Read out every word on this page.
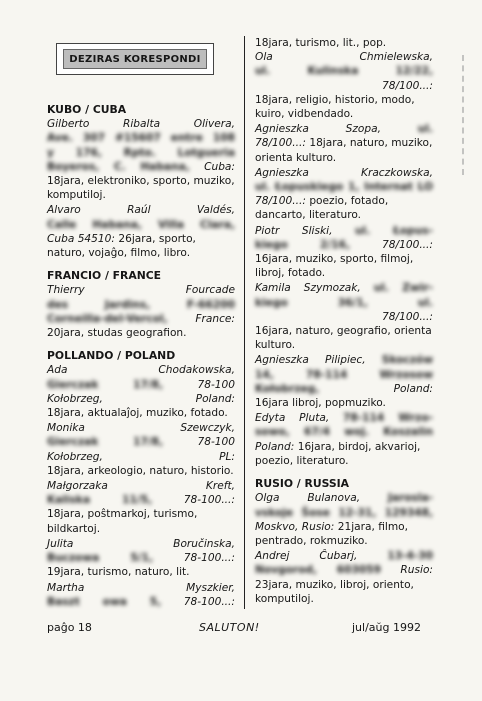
DEZIRAS KORESPONDI
KUBO / CUBA
Gilberto Ribalta Olivera,
Ave. 307 #15607 entre 108
y 176, Rpto. Lotgueria
Boyeros, C. Habana, Cuba:
18jara, elektroniko, sporto, muziko, komputiloj.
Alvaro Raúl Valdés,
Calle Habana, Villa Clara,
Cuba 54510: 26jara, sporto, naturo, vojaĝo, filmo, libro.
FRANCIO / FRANCE
Thierry Fourcade
des Jardins, F-66200
Corneilla-del-Vercol,	France:
20jara, studas geografion.
POLLANDO / POLAND
Ada Chodakowska,
Gierczak 17/8,	78-100
Kołobrzeg, Poland:
18jara, aktualaĵoj, muziko, fotado.
Monika Szewczyk,
Gierczak 17/8,	78-100
Kołobrzeg, PL:
18jara, arkeologio, naturo, historio.
Małgorzaka Kreft,
Kaliska 11/5,	78-100...:
18jara, poŝtmarkoj, turismo, bildkartoj.
Julita Boručinska,
Buczowa 5/1,	78-100...:
19jara, turismo, naturo, lit.
Martha Myszkier,
Baszt owa 5, 78-100...:
18jara, turismo, lit., pop.
Ola Chmielewska,
ul. Kulinska 12/22,
78/100...:
18jara, religio, historio, modo, kuiro, vidbendado.
Agnieszka Szopa,	ul.
78/100...: 18jara, naturo, muziko, orienta kulturo.
Agnieszka Kraczkowska,
ul. Łopuskiego 1, Internat LO
78/100...: poezio, fotado, dancarto, literaturo.
Piotr Sliski, ul. Łopus-
kiego 2/16,	78/100...:
16jara, muziko, sporto, filmoj, libroj, fotado.
Kamila Szymozak, ul. Zwir-
kiego 36/1, ul.
78/100...:
16jara, naturo, geografio, orienta kulturo.
Agnieszka Pilipiec, Skoczów
14, 78-114 Wrzosow
Kołobrzeg,	Poland:
16jara libroj, popmuziko.
Edyta Pluta, 78-114 Wrzo-
sowo, 67/4 woj. Koszalin
Poland: 16jara, birdoj, akvarioj, poezio, literaturo.
RUSIO / RUSSIA
Olga Bulanova,	Jarosla-
vskoje Ŝose 12-31, 129348,
Moskvo, Rusio: 21jara, filmo, pentrado, rokmuziko.
Andrej Ĉubarj,	13-4-30
Novgorod, 603059 Rusio:
23jara, muziko, libroj, oriento, komputiloj.
paĝo 18	SALUTON!	jul/aŭg 1992
